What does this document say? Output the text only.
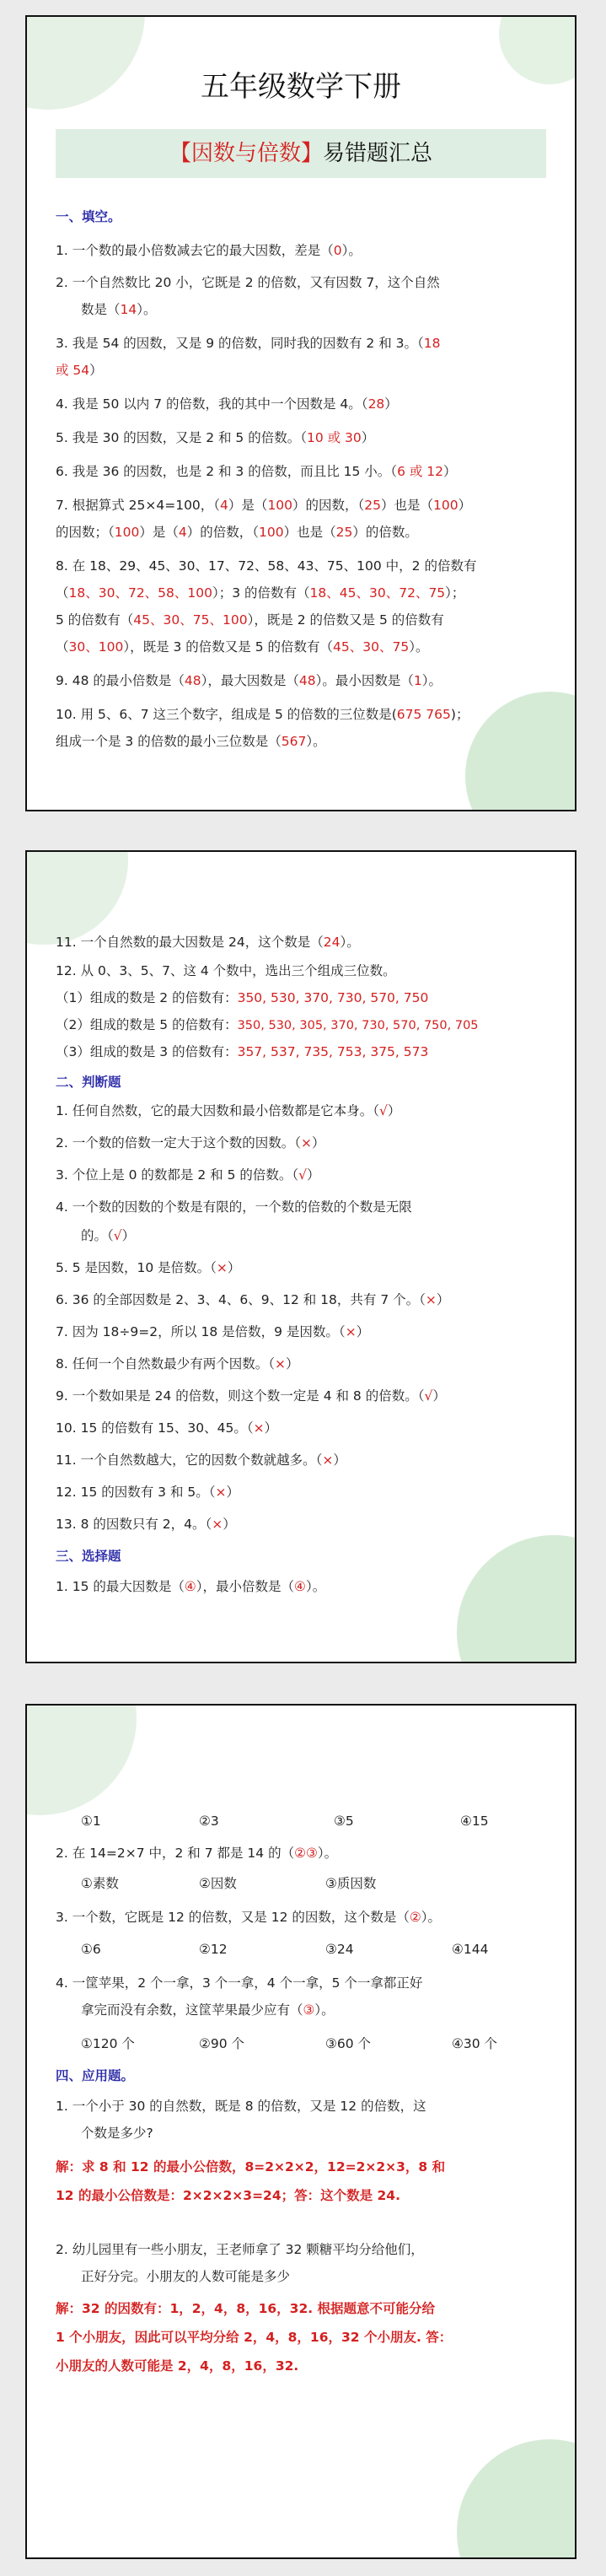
五年级数学下册
【因数与倍数】易错题汇总
一、填空。
1. 一个数的最小倍数减去它的最大因数，差是（0）。
2. 一个自然数比 20 小，它既是 2 的倍数，又有因数 7，这个自然
数是（14）。
3. 我是 54 的因数，又是 9 的倍数，同时我的因数有 2 和 3。（18
或 54）
4. 我是 50 以内 7 的倍数，我的其中一个因数是 4。（28）
5. 我是 30 的因数，又是 2 和 5 的倍数。（10 或 30）
6. 我是 36 的因数，也是 2 和 3 的倍数，而且比 15 小。（6 或 12）
7. 根据算式 25×4=100，（4）是（100）的因数，（25）也是（100）
的因数；（100）是（4）的倍数，（100）也是（25）的倍数。
8. 在 18、29、45、30、17、72、58、43、75、100 中，2 的倍数有
（18、30、72、58、100）；3 的倍数有（18、45、30、72、75）；
5 的倍数有（45、30、75、100），既是 2 的倍数又是 5 的倍数有
（30、100），既是 3 的倍数又是 5 的倍数有（45、30、75）。
9. 48 的最小倍数是（48），最大因数是（48）。最小因数是（1）。
10. 用 5、6、7 这三个数字，组成是 5 的倍数的三位数是(675 765)；
组成一个是 3 的倍数的最小三位数是（567）。
11. 一个自然数的最大因数是 24，这个数是（24）。
12. 从 0、3、5、7、这 4 个数中，选出三个组成三位数。
（1）组成的数是 2 的倍数有：350, 530, 370, 730, 570, 750
（2）组成的数是 5 的倍数有：350, 530, 305, 370, 730, 570, 750, 705
（3）组成的数是 3 的倍数有：357, 537, 735, 753, 375, 573
二、判断题
1. 任何自然数，它的最大因数和最小倍数都是它本身。（√）
2. 一个数的倍数一定大于这个数的因数。（×）
3. 个位上是 0 的数都是 2 和 5 的倍数。（√）
4. 一个数的因数的个数是有限的，一个数的倍数的个数是无限
的。（√）
5. 5 是因数，10 是倍数。（×）
6. 36 的全部因数是 2、3、4、6、9、12 和 18，共有 7 个。（×）
7. 因为 18÷9=2，所以 18 是倍数，9 是因数。（×）
8. 任何一个自然数最少有两个因数。（×）
9. 一个数如果是 24 的倍数，则这个数一定是 4 和 8 的倍数。（√）
10. 15 的倍数有 15、30、45。（×）
11. 一个自然数越大，它的因数个数就越多。（×）
12. 15 的因数有 3 和 5。（×）
13. 8 的因数只有 2，4。（×）
三、选择题
1. 15 的最大因数是（④），最小倍数是（④）。
①1	②3	③5	④15
2. 在 14=2×7 中，2 和 7 都是 14 的（②③）。
①素数	②因数	③质因数
3. 一个数，它既是 12 的倍数，又是 12 的因数，这个数是（②）。
①6	②12	③24	④144
4. 一筐苹果，2 个一拿，3 个一拿，4 个一拿，5 个一拿都正好
拿完而没有余数，这筐苹果最少应有（③）。
①120 个	②90 个	③60 个	④30 个
四、应用题。
1. 一个小于 30 的自然数，既是 8 的倍数，又是 12 的倍数，这
个数是多少?
解：求 8 和 12 的最小公倍数，8=2×2×2，12=2×2×3，8 和
12 的最小公倍数是：2×2×2×3=24；答：这个数是 24.
2. 幼儿园里有一些小朋友，王老师拿了 32 颗糖平均分给他们，
正好分完。小朋友的人数可能是多少
解：32 的因数有：1，2，4，8，16，32. 根据题意不可能分给
1 个小朋友，因此可以平均分给 2，4，8，16，32 个小朋友. 答：
小朋友的人数可能是 2，4，8，16，32.
